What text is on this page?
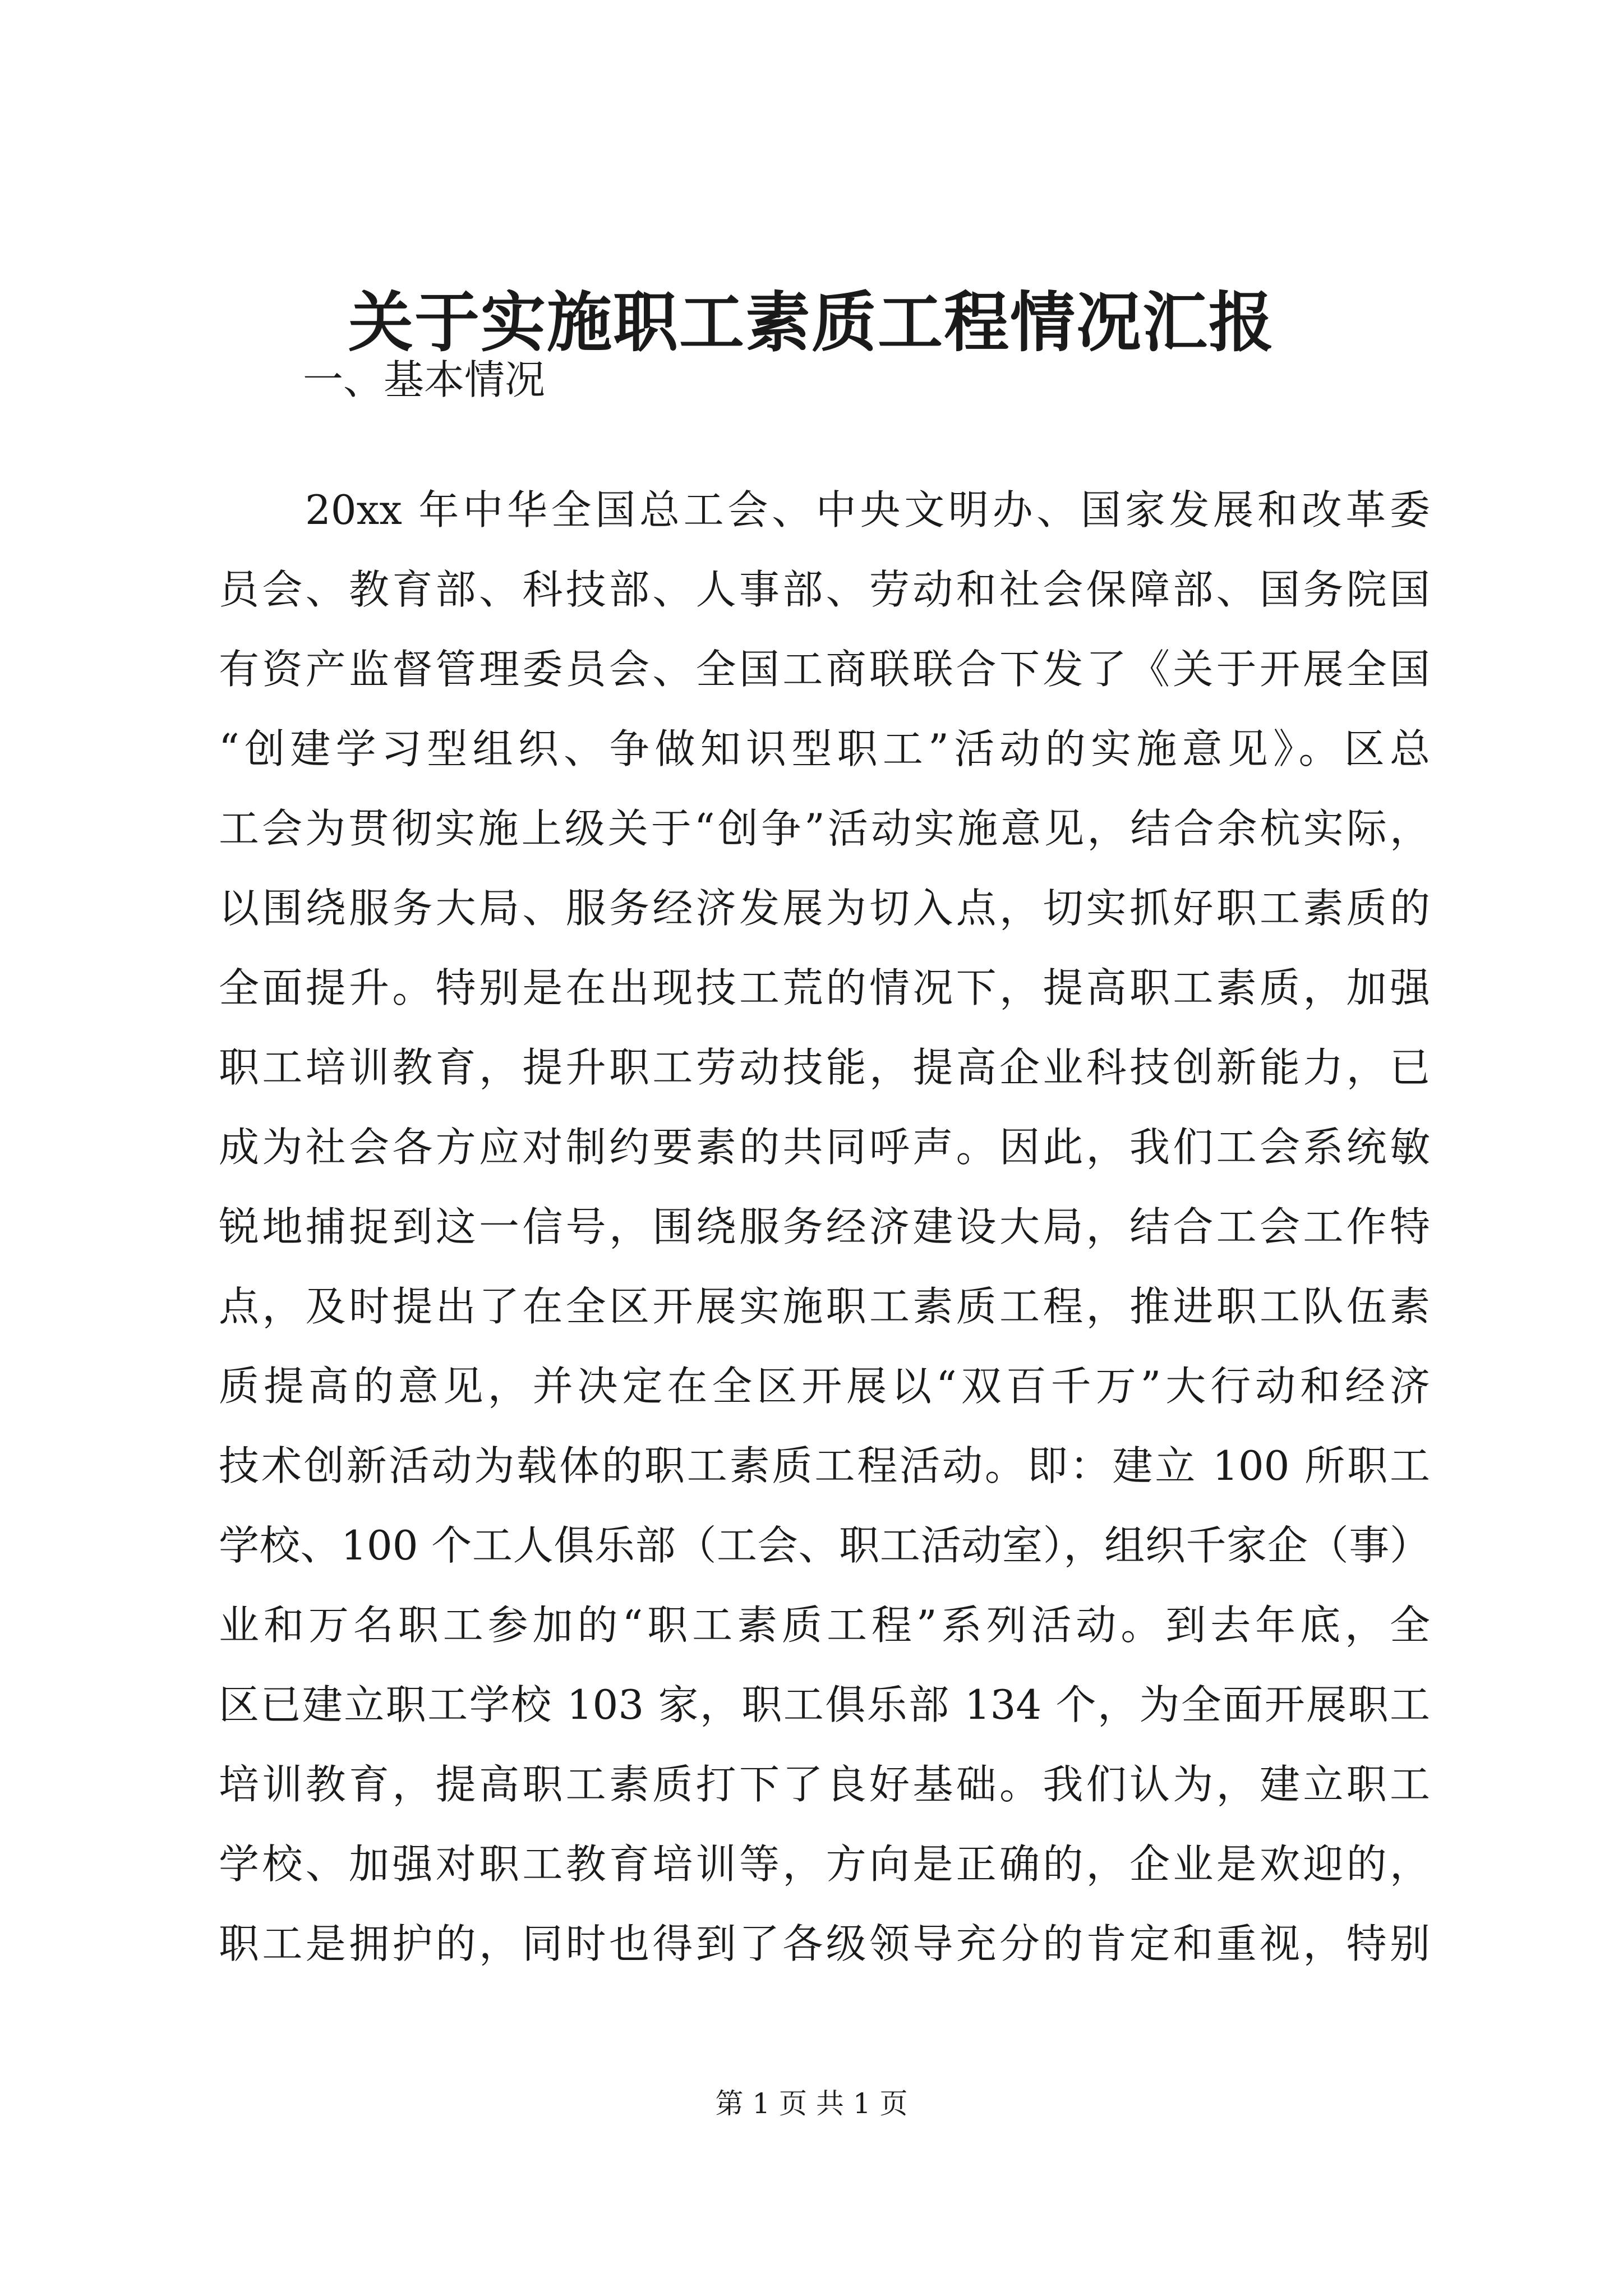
关于实施职工素质工程情况汇报

一、基本情况

20xx 年中华全国总工会、中央文明办、国家发展和改革委
员会、教育部、科技部、人事部、劳动和社会保障部、国务院国
有资产监督管理委员会、全国工商联联合下发了《关于开展全国
“创建学习型组织、争做知识型职工”活动的实施意见》。区总
工会为贯彻实施上级关于“创争”活动实施意见，结合余杭实际，
以围绕服务大局、服务经济发展为切入点，切实抓好职工素质的
全面提升。特别是在出现技工荒的情况下，提高职工素质，加强
职工培训教育，提升职工劳动技能，提高企业科技创新能力，已
成为社会各方应对制约要素的共同呼声。因此，我们工会系统敏
锐地捕捉到这一信号，围绕服务经济建设大局，结合工会工作特
点，及时提出了在全区开展实施职工素质工程，推进职工队伍素
质提高的意见，并决定在全区开展以“双百千万”大行动和经济
技术创新活动为载体的职工素质工程活动。即：建立 100 所职工
学校、100 个工人俱乐部（工会、职工活动室），组织千家企（事）
业和万名职工参加的“职工素质工程”系列活动。到去年底，全
区已建立职工学校 103 家，职工俱乐部 134 个，为全面开展职工
培训教育，提高职工素质打下了良好基础。我们认为，建立职工
学校、加强对职工教育培训等，方向是正确的，企业是欢迎的，
职工是拥护的，同时也得到了各级领导充分的肯定和重视，特别

第 1 页 共 1 页
